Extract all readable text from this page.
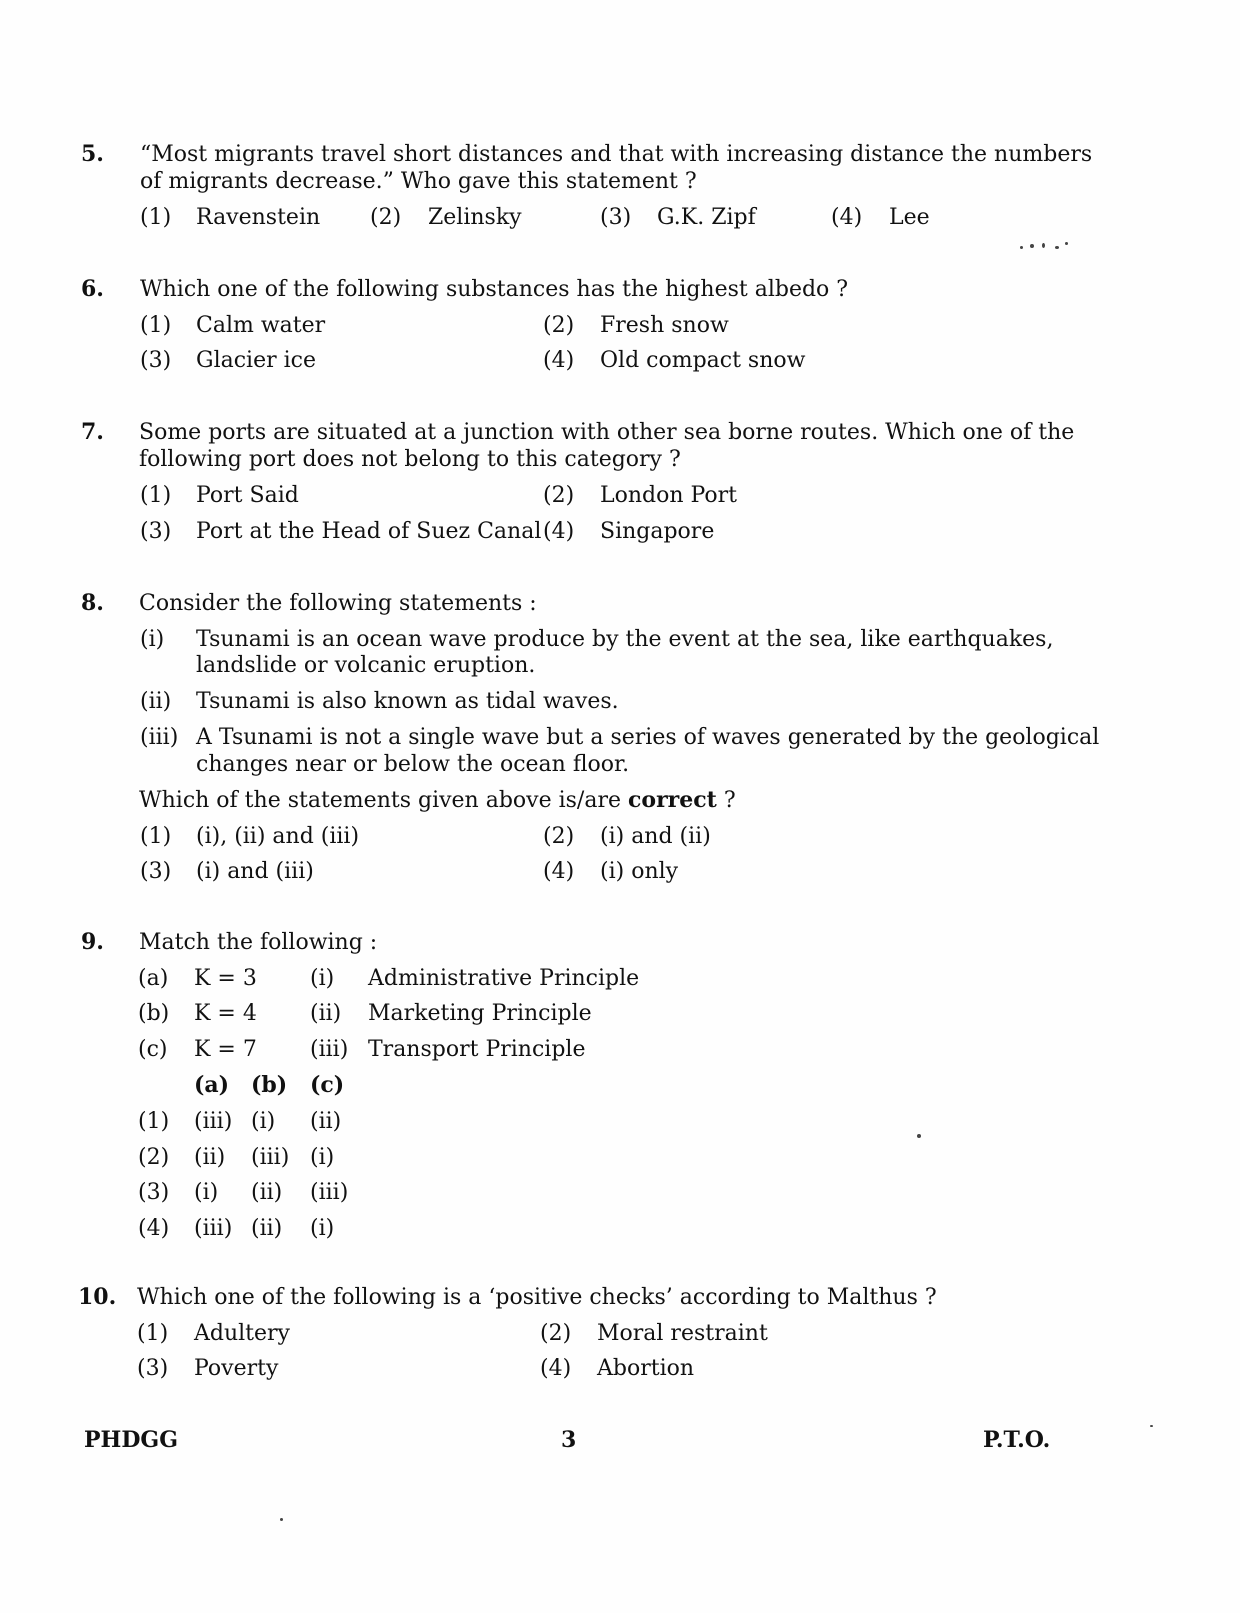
5. “Most migrants travel short distances and that with increasing distance the numbers
of migrants decrease.” Who gave this statement ?
(1) Ravenstein (2) Zelinsky	(3) G.K. Zipf	(4) Lee
6. Which one of the following substances has the highest albedo ?
(1) Calm water	(2) Fresh snow
(3) Glacier ice	(4) Old compact snow
7. Some ports are situated at a junction with other sea borne routes. Which one of the
following port does not belong to this category ?
(1) Port Said	(2) London Port
(3) Port at the Head of Suez Canal (4) Singapore
8. Consider the following statements :
(i) Tsunami is an ocean wave produce by the event at the sea, like earthquakes,
landslide or volcanic eruption.
(ii) Tsunami is also known as tidal waves.
(iii) A Tsunami is not a single wave but a series of waves generated by the geological
changes near or below the ocean floor.
Which of the statements given above is/are correct ?
(1) (i), (ii) and (iii)	(2) (i) and (ii)
(3) (i) and (iii)	(4) (i) only
9. Match the following :
(a) K = 3 (i) Administrative Principle
(b) K = 4 (ii) Marketing Principle
(c) K = 7 (iii) Transport Principle
(a) (b) (c)
(1) (iii) (i) (ii)
(2) (ii) (iii) (i)
(3) (i) (ii) (iii)
(4) (iii) (ii) (i)
10. Which one of the following is a ‘positive checks’ according to Malthus ?
(1) Adultery	(2) Moral restraint
(3) Poverty	(4) Abortion
PHDGG	3	P.T.O.
